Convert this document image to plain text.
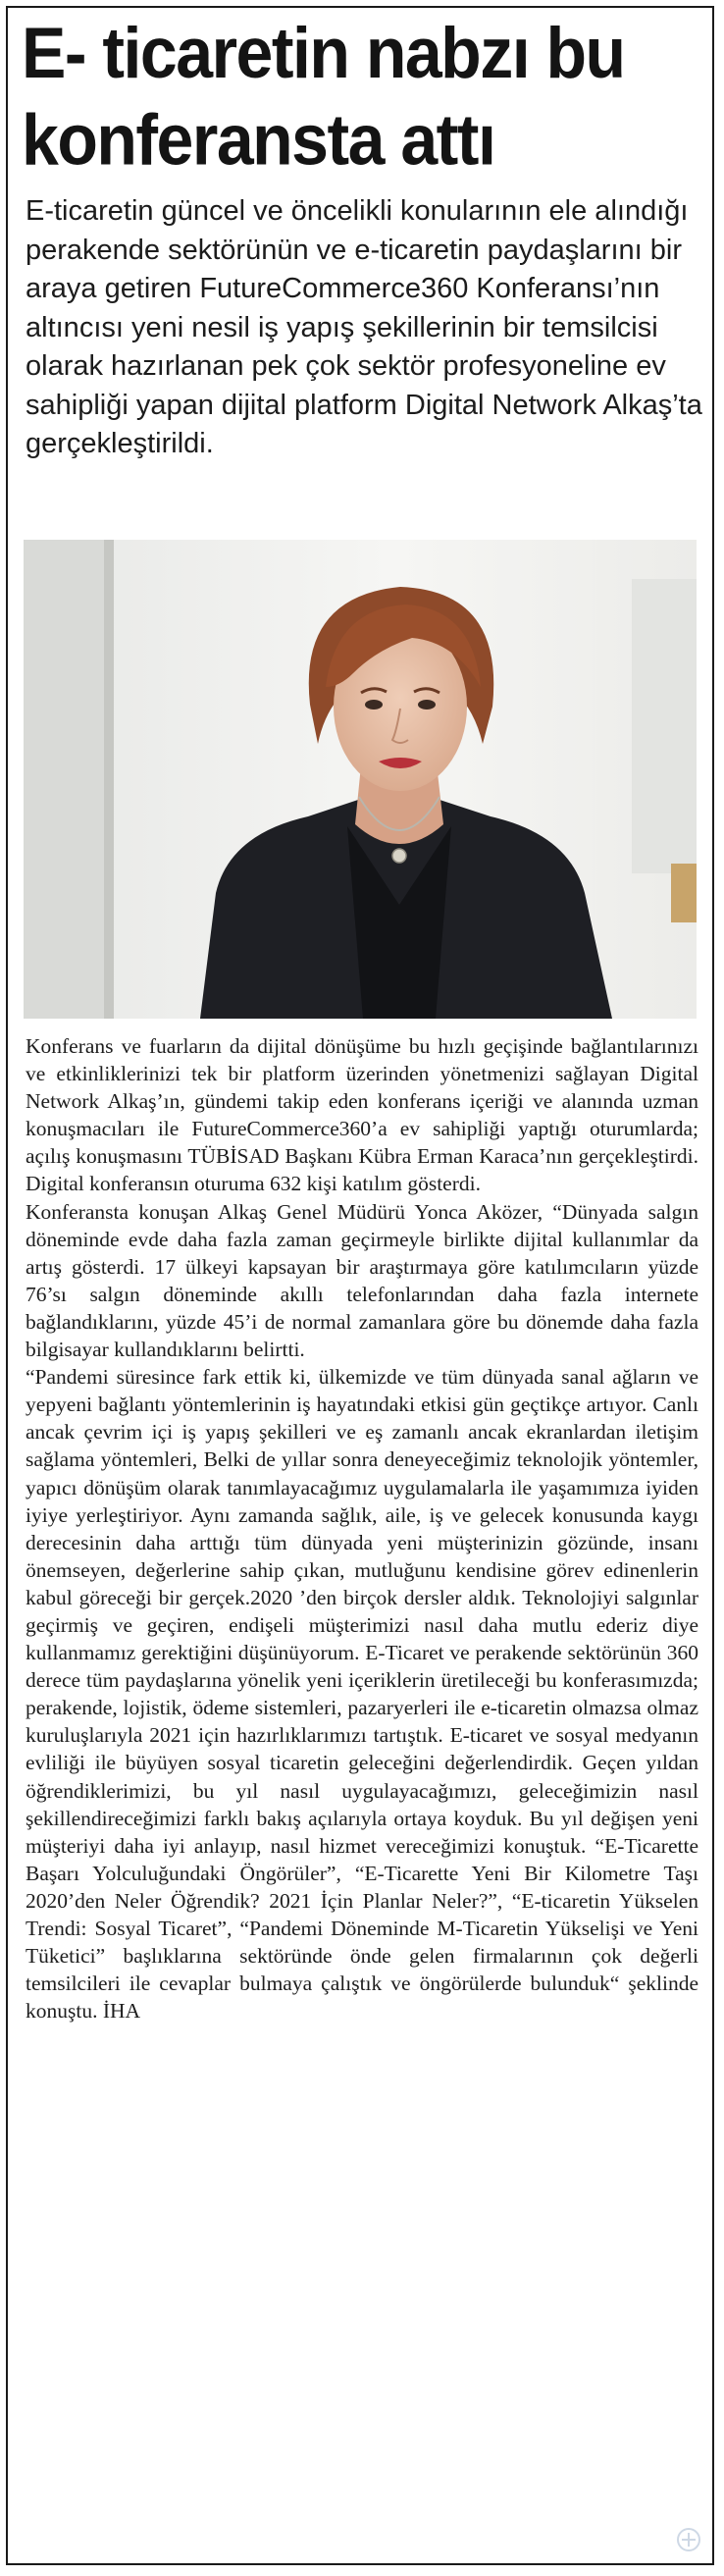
E- ticaretin nabzı bu konferansta attı

E-ticaretin güncel ve öncelikli konularının ele alındığı perakende sektörünün ve e-ticaretin paydaşlarını bir araya getiren FutureCommerce360 Konferansı’nın altıncısı yeni nesil iş yapış şekillerinin bir temsilcisi olarak hazırlanan pek çok sektör profesyoneline ev sahipliği yapan dijital platform Digital Network Alkaş’ta gerçekleştirildi.

Konferans ve fuarların da dijital dönüşüme bu hızlı geçişinde bağlantılarınızı ve etkinliklerinizi tek bir platform üzerinden yönetmenizi sağlayan Digital Network Alkaş’ın, gündemi takip eden konferans içeriği ve alanında uzman konuşmacıları ile FutureCommerce360’a ev sahipliği yaptığı oturumlarda; açılış konuşmasını TÜBİSAD Başkanı Kübra Erman Karaca’nın gerçekleştirdi. Digital konferansın oturuma 632 kişi katılım gösterdi.

Konferansta konuşan Alkaş Genel Müdürü Yonca Aközer, “Dünyada salgın döneminde evde daha fazla zaman geçirmeyle birlikte dijital kullanımlar da artış gösterdi. 17 ülkeyi kapsayan bir araştırmaya göre katılımcıların yüzde 76’sı salgın döneminde akıllı telefonlarından daha fazla internete bağlandıklarını, yüzde 45’i de normal zamanlara göre bu dönemde daha fazla bilgisayar kullandıklarını belirtti.

“Pandemi süresince fark ettik ki, ülkemizde ve tüm dünyada sanal ağların ve yepyeni bağlantı yöntemlerinin iş hayatındaki etkisi gün geçtikçe artıyor. Canlı ancak çevrim içi iş yapış şekilleri ve eş zamanlı ancak ekranlardan iletişim sağlama yöntemleri, Belki de yıllar sonra deneyeceğimiz teknolojik yöntemler, yapıcı dönüşüm olarak tanımlayacağımız uygulamalarla ile yaşamımıza iyiden iyiye yerleştiriyor. Aynı zamanda sağlık, aile, iş ve gelecek konusunda kaygı derecesinin daha arttığı tüm dünyada yeni müşterinizin gözünde, insanı önemseyen, değerlerine sahip çıkan, mutluğunu kendisine görev edinenlerin kabul göreceği bir gerçek.2020 ’den birçok dersler aldık. Teknolojiyi salgınlar geçirmiş ve geçiren, endişeli müşterimizi nasıl daha mutlu ederiz diye kullanmamız gerektiğini düşünüyorum. E-Ticaret ve perakende sektörünün 360 derece tüm paydaşlarına yönelik yeni içeriklerin üretileceği bu konferasımızda; perakende, lojistik, ödeme sistemleri, pazaryerleri ile e-ticaretin olmazsa olmaz kuruluşlarıyla 2021 için hazırlıklarımızı tartıştık. E-ticaret ve sosyal medyanın evliliği ile büyüyen sosyal ticaretin geleceğini değerlendirdik. Geçen yıldan öğrendiklerimizi, bu yıl nasıl uygulayacağımızı, geleceğimizin nasıl şekillendireceğimizi farklı bakış açılarıyla ortaya koyduk. Bu yıl değişen yeni müşteriyi daha iyi anlayıp, nasıl hizmet vereceğimizi konuştuk. “E-Ticarette Başarı Yolculuğundaki Öngörüler”, “E-Ticarette Yeni Bir Kilometre Taşı 2020’den Neler Öğrendik? 2021 İçin Planlar Neler?”, “E-ticaretin Yükselen Trendi: Sosyal Ticaret”, “Pandemi Döneminde M-Ticaretin Yükselişi ve Yeni Tüketici” başlıklarına sektöründe önde gelen firmalarının çok değerli temsilcileri ile cevaplar bulmaya çalıştık ve öngörülerde bulunduk“ şeklinde konuştu. İHA
